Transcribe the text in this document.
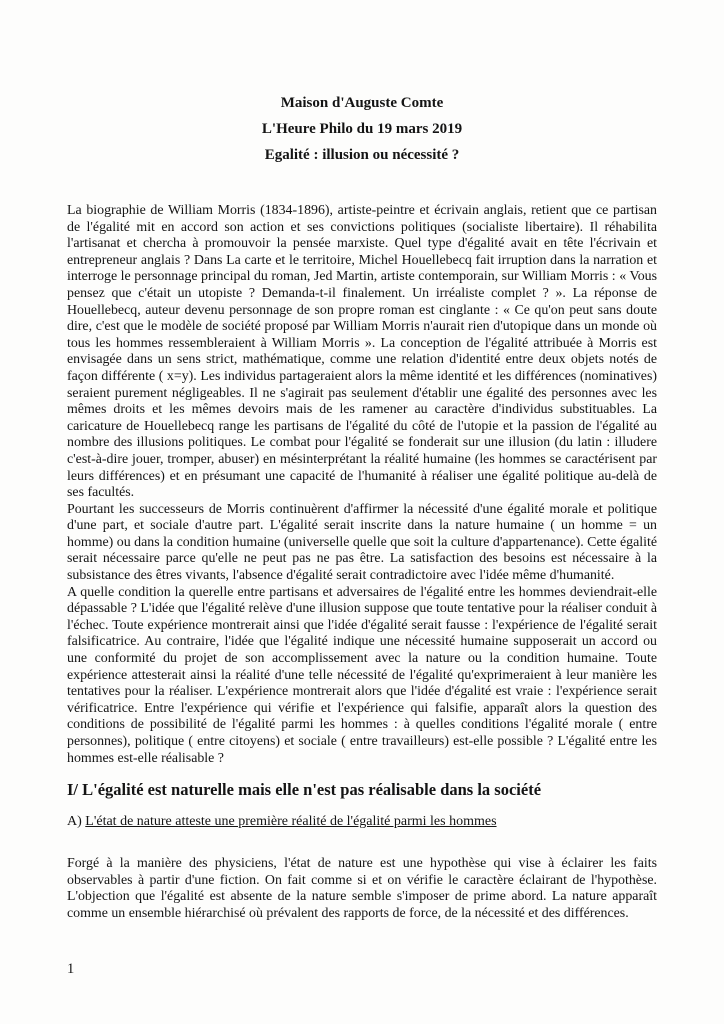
Maison d'Auguste Comte

L'Heure Philo du 19 mars 2019

Egalité : illusion ou nécessité ?

La biographie de William Morris (1834-1896), artiste-peintre et écrivain anglais, retient que ce partisan de l'égalité mit en accord son action et ses convictions politiques (socialiste libertaire). Il réhabilita l'artisanat et chercha à promouvoir la pensée marxiste. Quel type d'égalité avait en tête l'écrivain et entrepreneur anglais ? Dans La carte et le territoire, Michel Houellebecq fait irruption dans la narration et interroge le personnage principal du roman, Jed Martin, artiste contemporain, sur William Morris : « Vous pensez que c'était un utopiste ? Demanda-t-il finalement. Un irréaliste complet ? ». La réponse de Houellebecq, auteur devenu personnage de son propre roman est cinglante : « Ce qu'on peut sans doute dire, c'est que le modèle de société proposé par William Morris n'aurait rien d'utopique dans un monde où tous les hommes ressembleraient à William Morris ». La conception de l'égalité attribuée à Morris est envisagée dans un sens strict, mathématique, comme une relation d'identité entre deux objets notés de façon différente ( x=y). Les individus partageraient alors la même identité et les différences (nominatives) seraient purement négligeables. Il ne s'agirait pas seulement d'établir une égalité des personnes avec les mêmes droits et les mêmes devoirs mais de les ramener au caractère d'individus substituables. La caricature de Houellebecq range les partisans de l'égalité du côté de l'utopie et la passion de l'égalité au nombre des illusions politiques. Le combat pour l'égalité se fonderait sur une illusion (du latin : illudere c'est-à-dire jouer, tromper, abuser) en mésinterprétant la réalité humaine (les hommes se caractérisent par leurs différences) et en présumant une capacité de l'humanité à réaliser une égalité politique au-delà de ses facultés.

Pourtant les successeurs de Morris continuèrent d'affirmer la nécessité d'une égalité morale et politique d'une part, et sociale d'autre part. L'égalité serait inscrite dans la nature humaine ( un homme = un homme) ou dans la condition humaine (universelle quelle que soit la culture d'appartenance). Cette égalité serait nécessaire parce qu'elle ne peut pas ne pas être. La satisfaction des besoins est nécessaire à la subsistance des êtres vivants, l'absence d'égalité serait contradictoire avec l'idée même d'humanité.

A quelle condition la querelle entre partisans et adversaires de l'égalité entre les hommes deviendrait-elle dépassable ? L'idée que l'égalité relève d'une illusion suppose que toute tentative pour la réaliser conduit à l'échec. Toute expérience montrerait ainsi que l'idée d'égalité serait fausse : l'expérience de l'égalité serait falsificatrice. Au contraire, l'idée que l'égalité indique une nécessité humaine supposerait un accord ou une conformité du projet de son accomplissement avec la nature ou la condition humaine. Toute expérience attesterait ainsi la réalité d'une telle nécessité de l'égalité qu'exprimeraient à leur manière les tentatives pour la réaliser. L'expérience montrerait alors que l'idée d'égalité est vraie : l'expérience serait vérificatrice. Entre l'expérience qui vérifie et l'expérience qui falsifie, apparaît alors la question des conditions de possibilité de l'égalité parmi les hommes : à quelles conditions l'égalité morale ( entre personnes), politique ( entre citoyens) et sociale ( entre travailleurs) est-elle possible ? L'égalité entre les hommes est-elle réalisable ?

I/ L'égalité est naturelle mais elle n'est pas réalisable dans la société
A) L'état de nature atteste une première réalité de l'égalité parmi les hommes

Forgé à la manière des physiciens, l'état de nature est une hypothèse qui vise à éclairer les faits observables à partir d'une fiction. On fait comme si et on vérifie le caractère éclairant de l'hypothèse. L'objection que l'égalité est absente de la nature semble s'imposer de prime abord. La nature apparaît comme un ensemble hiérarchisé où prévalent des rapports de force, de la nécessité et des différences.

1
